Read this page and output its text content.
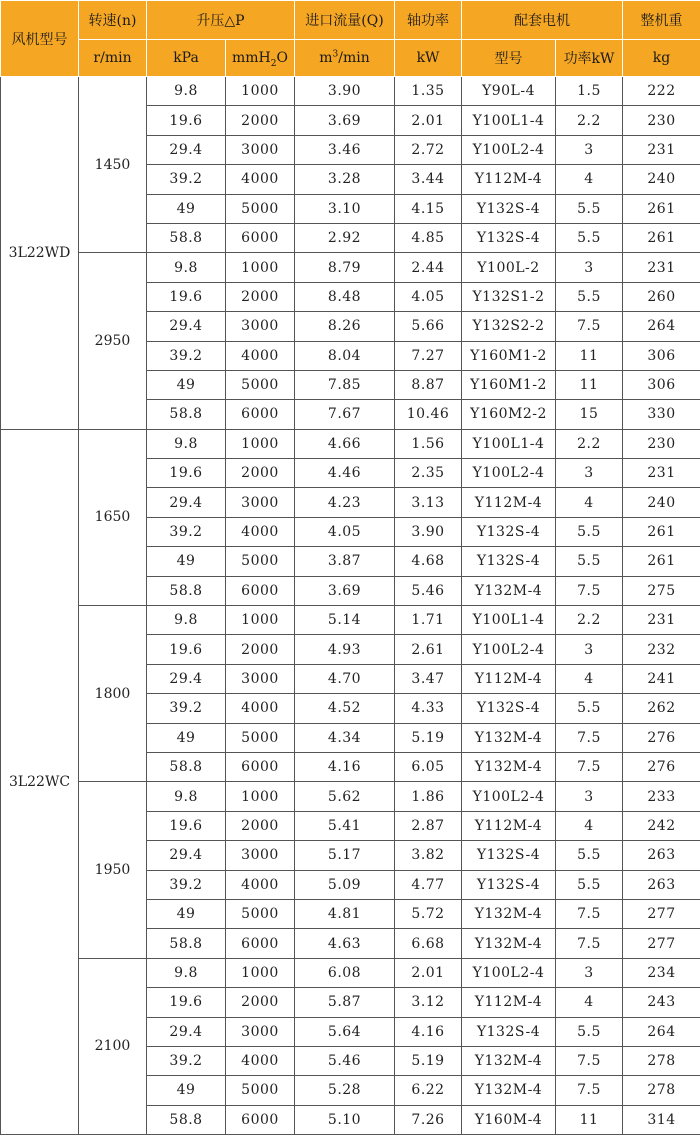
风机型号	转速(n)	升压△P		进口流量(Q)	轴功率	配套电机		整机重
	r/min	kPa	mmH$_2$O	$m^3/\min$	kW	型号	功率kW	kg
3L22WD	1450	9.8	1000	3.90	1.35	Y90L-4	1.5	222
		19.6	2000	3.69	2.01	Y100L1-4	2.2	230
		29.4	3000	3.46	2.72	Y100L2-4	3	231
		39.2	4000	3.28	3.44	Y112M-4	4	240
		49	5000	3.10	4.15	Y132S-4	5.5	261
		58.8	6000	2.92	4.85	Y132S-4	5.5	261
	2950	9.8	1000	8.79	2.44	Y100L-2	3	231
		19.6	2000	8.48	4.05	Y132S1-2	5.5	260
		29.4	3000	8.26	5.66	Y132S2-2	7.5	264
		39.2	4000	8.04	7.27	Y160M1-2	11	306
		49	5000	7.85	8.87	Y160M1-2	11	306
		58.8	6000	7.67	10.46	Y160M2-2	15	330
3L22WC	1650	9.8	1000	4.66	1.56	Y100L1-4	2.2	230
		19.6	2000	4.46	2.35	Y100L2-4	3	231
		29.4	3000	4.23	3.13	Y112M-4	4	240
		39.2	4000	4.05	3.90	Y132S-4	5.5	261
		49	5000	3.87	4.68	Y132S-4	5.5	261
		58.8	6000	3.69	5.46	Y132M-4	7.5	275
	1800	9.8	1000	5.14	1.71	Y100L1-4	2.2	231
		19.6	2000	4.93	2.61	Y100L2-4	3	232
		29.4	3000	4.70	3.47	Y112M-4	4	241
		39.2	4000	4.52	4.33	Y132S-4	5.5	262
		49	5000	4.34	5.19	Y132M-4	7.5	276
		58.8	6000	4.16	6.05	Y132M-4	7.5	276
	1950	9.8	1000	5.62	1.86	Y100L2-4	3	233
		19.6	2000	5.41	2.87	Y112M-4	4	242
		29.4	3000	5.17	3.82	Y132S-4	5.5	263
		39.2	4000	5.09	4.77	Y132S-4	5.5	263
		49	5000	4.81	5.72	Y132M-4	7.5	277
		58.8	6000	4.63	6.68	Y132M-4	7.5	277
	2100	9.8	1000	6.08	2.01	Y100L2-4	3	234
		19.6	2000	5.87	3.12	Y112M-4	4	243
		29.4	3000	5.64	4.16	Y132S-4	5.5	264
		39.2	4000	5.46	5.19	Y132M-4	7.5	278
		49	5000	5.28	6.22	Y132M-4	7.5	278
		58.8	6000	5.10	7.26	Y160M-4	11	314
